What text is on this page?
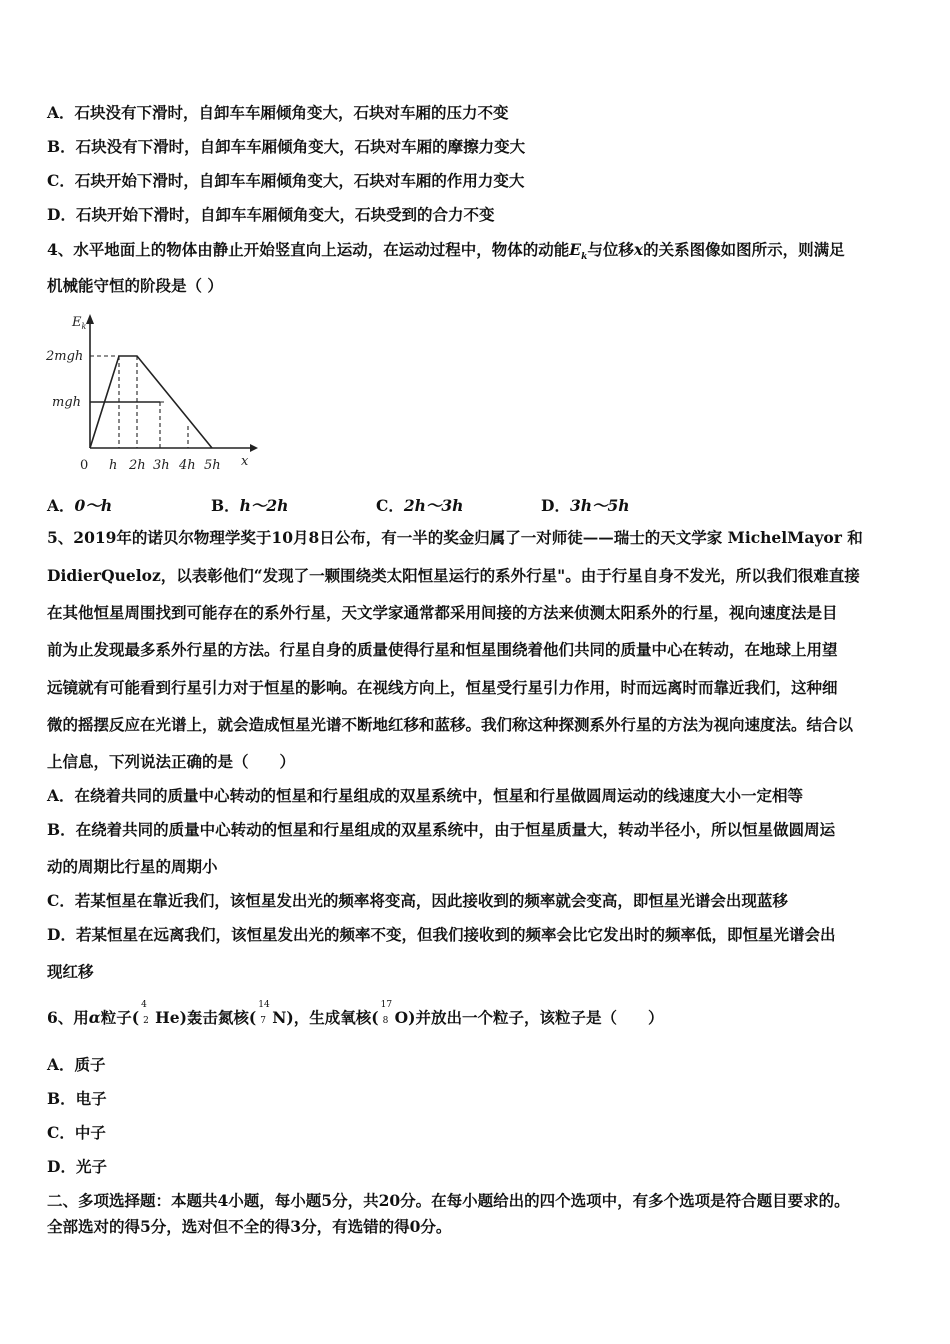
A．石块没有下滑时，自卸车车厢倾角变大，石块对车厢的压力不变
B．石块没有下滑时，自卸车车厢倾角变大，石块对车厢的摩擦力变大
C．石块开始下滑时，自卸车车厢倾角变大，石块对车厢的作用力变大
D．石块开始下滑时，自卸车车厢倾角变大，石块受到的合力不变
4、水平地面上的物体由静止开始竖直向上运动，在运动过程中，物体的动能$E_k$与位移x的关系图像如图所示，则满足
机械能守恒的阶段是（ ）
$E_k$
2mgh
mgh
0 h 2h 3h 4h 5h x
A．0～h	B．h～2h	C．2h～3h	D．3h～5h
5、2019年的诺贝尔物理学奖于10月8日公布，有一半的奖金归属了一对师徒——瑞士的天文学家 MichelMayor 和
DidierQueloz，以表彰他们“发现了一颗围绕类太阳恒星运行的系外行星"。由于行星自身不发光，所以我们很难直接
在其他恒星周围找到可能存在的系外行星，天文学家通常都采用间接的方法来侦测太阳系外的行星，视向速度法是目
前为止发现最多系外行星的方法。行星自身的质量使得行星和恒星围绕着他们共同的质量中心在转动，在地球上用望
远镜就有可能看到行星引力对于恒星的影响。在视线方向上，恒星受行星引力作用，时而远离时而靠近我们，这种细
微的摇摆反应在光谱上，就会造成恒星光谱不断地红移和蓝移。我们称这种探测系外行星的方法为视向速度法。结合以
上信息，下列说法正确的是（　　）
A．在绕着共同的质量中心转动的恒星和行星组成的双星系统中，恒星和行星做圆周运动的线速度大小一定相等
B．在绕着共同的质量中心转动的恒星和行星组成的双星系统中，由于恒星质量大，转动半径小，所以恒星做圆周运
动的周期比行星的周期小
C．若某恒星在靠近我们，该恒星发出光的频率将变高，因此接收到的频率就会变高，即恒星光谱会出现蓝移
D．若某恒星在远离我们，该恒星发出光的频率不变，但我们接收到的频率会比它发出时的频率低，即恒星光谱会出
现红移
6、用α粒子(
4
2 He)轰击氮核(
14
7 N)，生成氧核(
17
8 O)并放出一个粒子，该粒子是（　　）
A．质子
B．电子
C．中子
D．光子
二、多项选择题：本题共4小题，每小题5分，共20分。在每小题给出的四个选项中，有多个选项是符合题目要求的。
全部选对的得5分，选对但不全的得3分，有选错的得0分。
